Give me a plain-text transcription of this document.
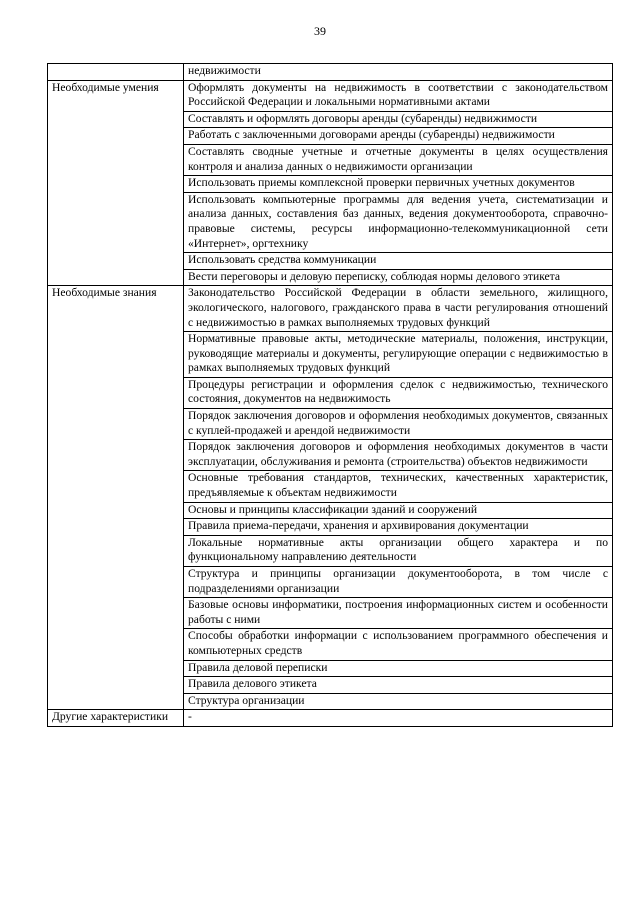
39
	недвижимости
Необходимые умения	Оформлять документы на недвижимость в соответствии с законодательством Российской Федерации и локальными нормативными актами
	Составлять и оформлять договоры аренды (субаренды) недвижимости
	Работать с заключенными договорами аренды (субаренды) недвижимости
	Составлять сводные учетные и отчетные документы в целях осуществления контроля и анализа данных о недвижимости организации
	Использовать приемы комплексной проверки первичных учетных документов
	Использовать компьютерные программы для ведения учета, систематизации и анализа данных, составления баз данных, ведения документооборота, справочно-правовые системы, ресурсы информационно-телекоммуникационной сети «Интернет», оргтехнику
	Использовать средства коммуникации
	Вести переговоры и деловую переписку, соблюдая нормы делового этикета
Необходимые знания	Законодательство Российской Федерации в области земельного, жилищного, экологического, налогового, гражданского права в части регулирования отношений с недвижимостью в рамках выполняемых трудовых функций
	Нормативные правовые акты, методические материалы, положения, инструкции, руководящие материалы и документы, регулирующие операции с недвижимостью в рамках выполняемых трудовых функций
	Процедуры регистрации и оформления сделок с недвижимостью, технического состояния, документов на недвижимость
	Порядок заключения договоров и оформления необходимых документов, связанных с куплей-продажей и арендой недвижимости
	Порядок заключения договоров и оформления необходимых документов в части эксплуатации, обслуживания и ремонта (строительства) объектов недвижимости
	Основные требования стандартов, технических, качественных характеристик, предъявляемые к объектам недвижимости
	Основы и принципы классификации зданий и сооружений
	Правила приема-передачи, хранения и архивирования документации
	Локальные нормативные акты организации общего характера и по функциональному направлению деятельности
	Структура и принципы организации документооборота, в том числе с подразделениями организации
	Базовые основы информатики, построения информационных систем и особенности работы с ними
	Способы обработки информации с использованием программного обеспечения и компьютерных средств
	Правила деловой переписки
	Правила делового этикета
	Структура организации
Другие характеристики	-
